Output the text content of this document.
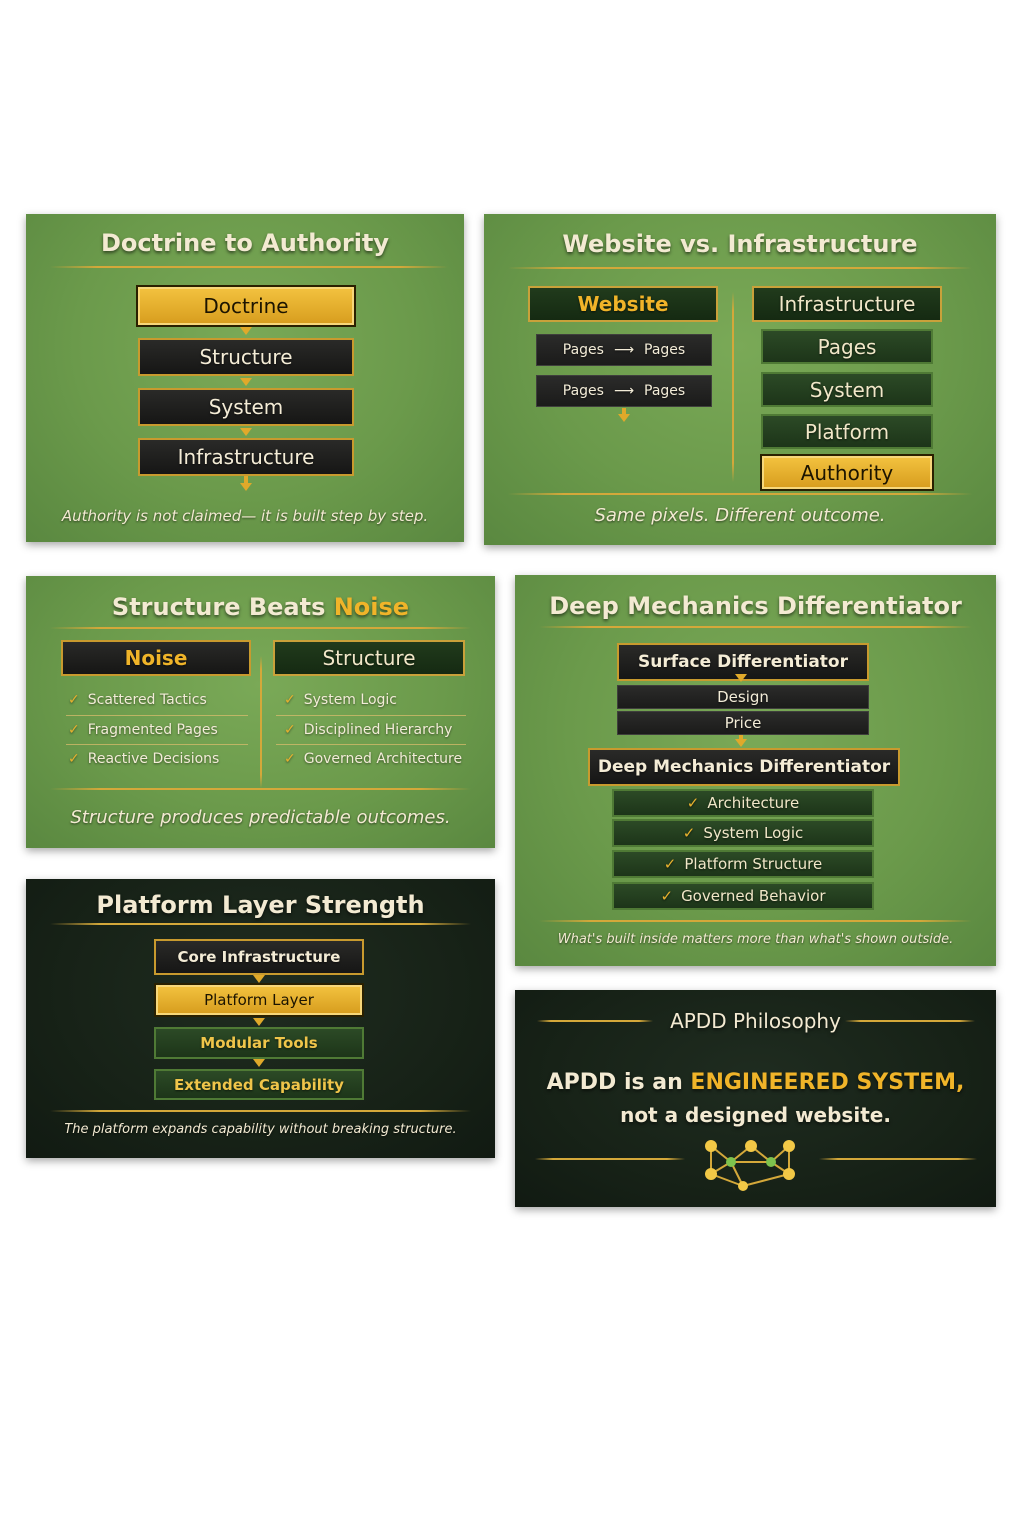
Doctrine to Authority
Doctrine
Structure
System
Infrastructure
Authority is not claimed— it is built step by step.
Website vs. Infrastructure
Website
Pages ⟶ Pages
Pages ⟶ Pages
Infrastructure
Pages
System
Platform
Authority
Same pixels. Different outcome.
Structure Beats Noise
Noise	Structure
✓ Scattered Tactics
✓ Fragmented Pages
✓ Reactive Decisions
✓ System Logic
✓ Disciplined Hierarchy
✓ Governed Architecture
Structure produces predictable outcomes.
Deep Mechanics Differentiator
Surface Differentiator
Design
Price
Deep Mechanics Differentiator
✓ Architecture
✓ System Logic
✓ Platform Structure
✓ Governed Behavior
What's built inside matters more than what's shown outside.
Platform Layer Strength
Core Infrastructure
Platform Layer
Modular Tools
Extended Capability
The platform expands capability without breaking structure.
APDD Philosophy
APDD is an ENGINEERED SYSTEM,
not a designed website.
